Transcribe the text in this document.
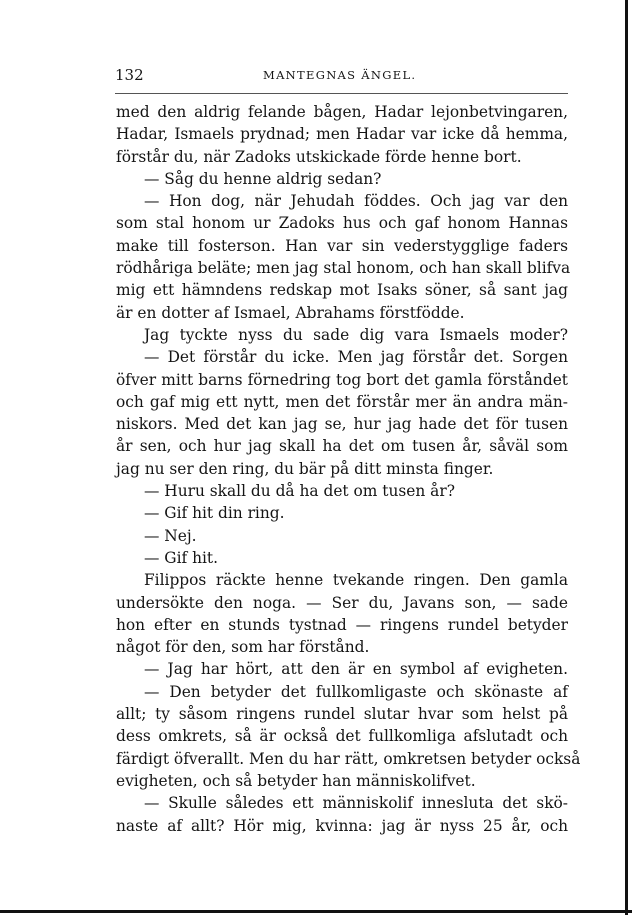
132	MANTEGNAS ÄNGEL.
med den aldrig felande bågen, Hadar lejonbetvingaren,
Hadar, Ismaels prydnad; men Hadar var icke då hemma,
förstår du, när Zadoks utskickade förde henne bort.
— Såg du henne aldrig sedan?
— Hon dog, när Jehudah föddes. Och jag var den
som stal honom ur Zadoks hus och gaf honom Hannas
make till fosterson. Han var sin vederstygglige faders
rödhåriga beläte; men jag stal honom, och han skall blifva
mig ett hämndens redskap mot Isaks söner, så sant jag
är en dotter af Ismael, Abrahams förstfödde.
Jag tyckte nyss du sade dig vara Ismaels moder?
— Det förstår du icke. Men jag förstår det. Sorgen
öfver mitt barns förnedring tog bort det gamla förståndet
och gaf mig ett nytt, men det förstår mer än andra män-
niskors. Med det kan jag se, hur jag hade det för tusen
år sen, och hur jag skall ha det om tusen år, såväl som
jag nu ser den ring, du bär på ditt minsta finger.
— Huru skall du då ha det om tusen år?
— Gif hit din ring.
— Nej.
— Gif hit.
Filippos räckte henne tvekande ringen. Den gamla
undersökte den noga. — Ser du, Javans son, — sade
hon efter en stunds tystnad — ringens rundel betyder
något för den, som har förstånd.
— Jag har hört, att den är en symbol af evigheten.
— Den betyder det fullkomligaste och skönaste af
allt; ty såsom ringens rundel slutar hvar som helst på
dess omkrets, så är också det fullkomliga afslutadt och
färdigt öfverallt. Men du har rätt, omkretsen betyder också
evigheten, och så betyder han människolifvet.
— Skulle således ett människolif innesluta det skö-
naste af allt? Hör mig, kvinna: jag är nyss 25 år, och
